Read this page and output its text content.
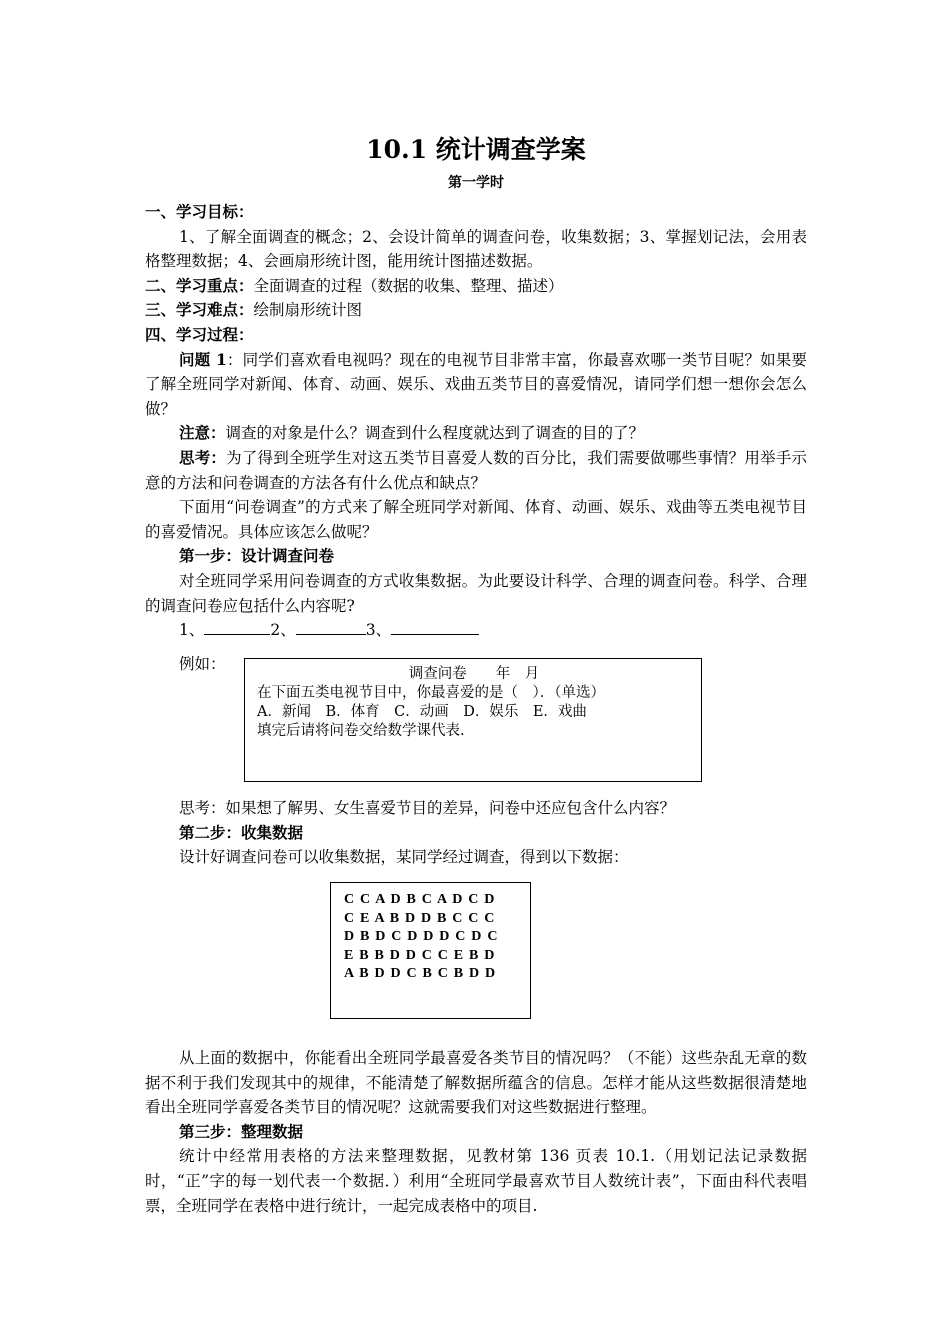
10.1 统计调查学案
第一学时

一、学习目标：

1、了解全面调查的概念；2、会设计简单的调查问卷，收集数据；3、掌握划记法，会用表格整理数据；4、会画扇形统计图，能用统计图描述数据。

二、学习重点：全面调查的过程（数据的收集、整理、描述）

三、学习难点：绘制扇形统计图

四、学习过程：

问题 1：同学们喜欢看电视吗？现在的电视节目非常丰富，你最喜欢哪一类节目呢？如果要了解全班同学对新闻、体育、动画、娱乐、戏曲五类节目的喜爱情况，请同学们想一想你会怎么做？

注意：调查的对象是什么？调查到什么程度就达到了调查的目的了？

思考：为了得到全班学生对这五类节目喜爱人数的百分比，我们需要做哪些事情？用举手示意的方法和问卷调查的方法各有什么优点和缺点？

下面用“问卷调查”的方式来了解全班同学对新闻、体育、动画、娱乐、戏曲等五类电视节目的喜爱情况。具体应该怎么做呢？

第一步：设计调查问卷

对全班同学采用问卷调查的方式收集数据。为此要设计科学、合理的调查问卷。科学、合理的调查问卷应包括什么内容呢?

1、	2、	3、

例如：
调查问卷　　年　月
在下面五类电视节目中，你最喜爱的是（　）．（单选）
A．新闻　B．体育　C．动画　D．娱乐　E．戏曲
填完后请将问卷交给数学课代表.

思考：如果想了解男、女生喜爱节目的差异，问卷中还应包含什么内容？

第二步：收集数据

设计好调查问卷可以收集数据，某同学经过调查，得到以下数据：

C C A D B C A D C D
C E A B D D B C C C
D B D C D D D C D C
E B B D D C C E B D
A B D D C B C B D D

从上面的数据中，你能看出全班同学最喜爱各类节目的情况吗？（不能）这些杂乱无章的数据不利于我们发现其中的规律，不能清楚了解数据所蕴含的信息。怎样才能从这些数据很清楚地看出全班同学喜爱各类节目的情况呢？这就需要我们对这些数据进行整理。

第三步：整理数据

统计中经常用表格的方法来整理数据，见教材第 136 页表 10.1.（用划记法记录数据时，“正”字的每一划代表一个数据．）利用“全班同学最喜欢节目人数统计表”，下面由科代表唱票，全班同学在表格中进行统计，一起完成表格中的项目.
